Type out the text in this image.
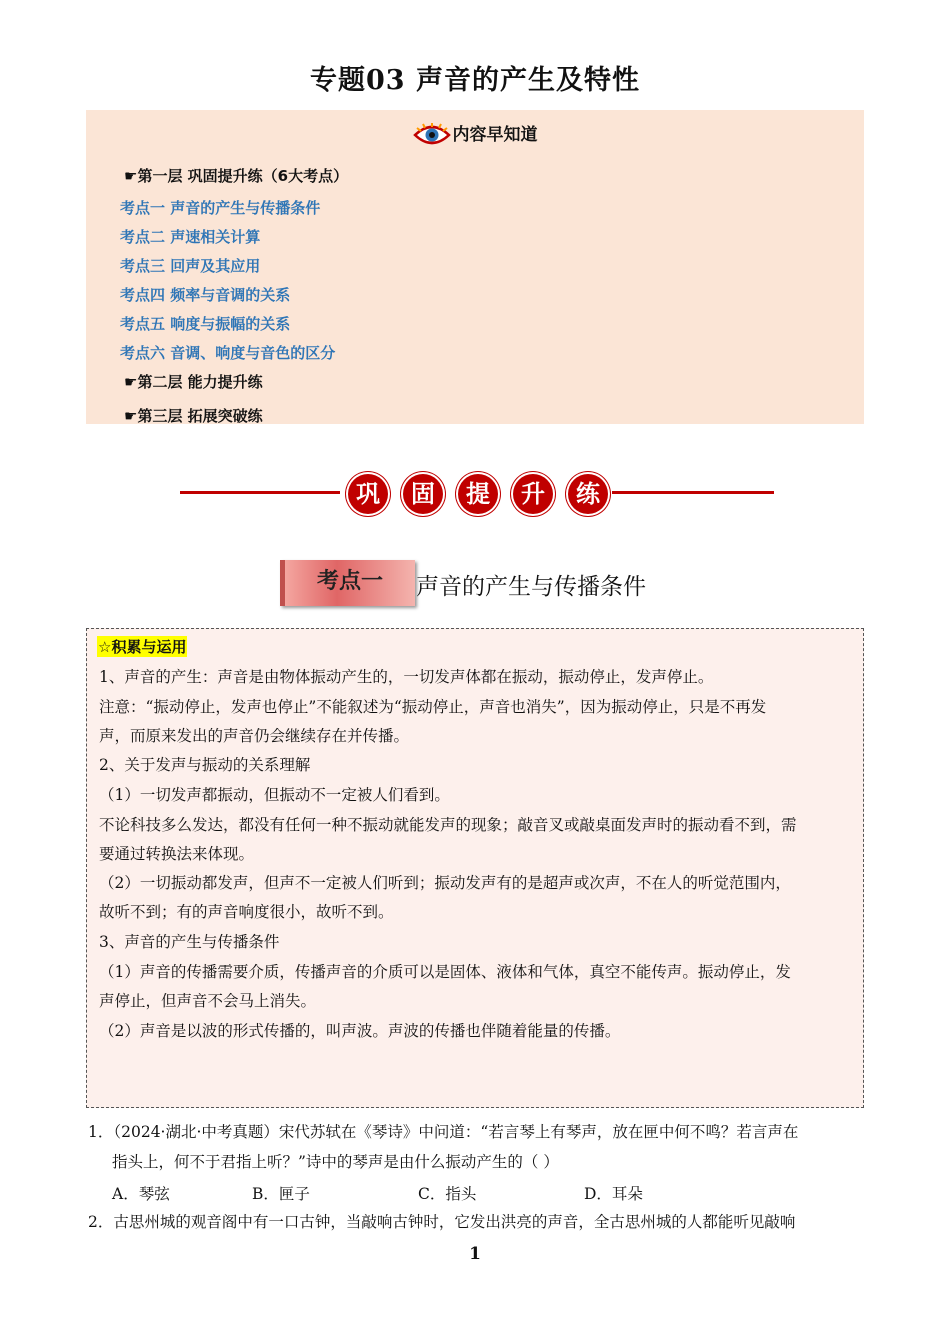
专题03 声音的产生及特性
内容早知道
☛第一层 巩固提升练（6大考点）
考点一 声音的产生与传播条件
考点二 声速相关计算
考点三 回声及其应用
考点四 频率与音调的关系
考点五 响度与振幅的关系
考点六 音调、响度与音色的区分
☛第二层 能力提升练
☛第三层 拓展突破练
巩	固	提	升	练
考点一	声音的产生与传播条件
☆积累与运用
1、声音的产生：声音是由物体振动产生的，一切发声体都在振动，振动停止，发声停止。
注意：“振动停止，发声也停止”不能叙述为“振动停止，声音也消失”，因为振动停止，只是不再发
声，而原来发出的声音仍会继续存在并传播。
2、关于发声与振动的关系理解
（1）一切发声都振动，但振动不一定被人们看到。
不论科技多么发达，都没有任何一种不振动就能发声的现象；敲音叉或敲桌面发声时的振动看不到，需
要通过转换法来体现。
（2）一切振动都发声，但声不一定被人们听到；振动发声有的是超声或次声，不在人的听觉范围内，
故听不到；有的声音响度很小，故听不到。
3、声音的产生与传播条件
（1）声音的传播需要介质，传播声音的介质可以是固体、液体和气体，真空不能传声。振动停止，发
声停止，但声音不会马上消失。
（2）声音是以波的形式传播的，叫声波。声波的传播也伴随着能量的传播。
1．（2024·湖北·中考真题）宋代苏轼在《琴诗》中问道：“若言琴上有琴声，放在匣中何不鸣？若言声在
指头上，何不于君指上听？”诗中的琴声是由什么振动产生的（ ）
A．琴弦	B．匣子	C．指头	D．耳朵
2．古思州城的观音阁中有一口古钟，当敲响古钟时，它发出洪亮的声音，全古思州城的人都能听见敲响
1
